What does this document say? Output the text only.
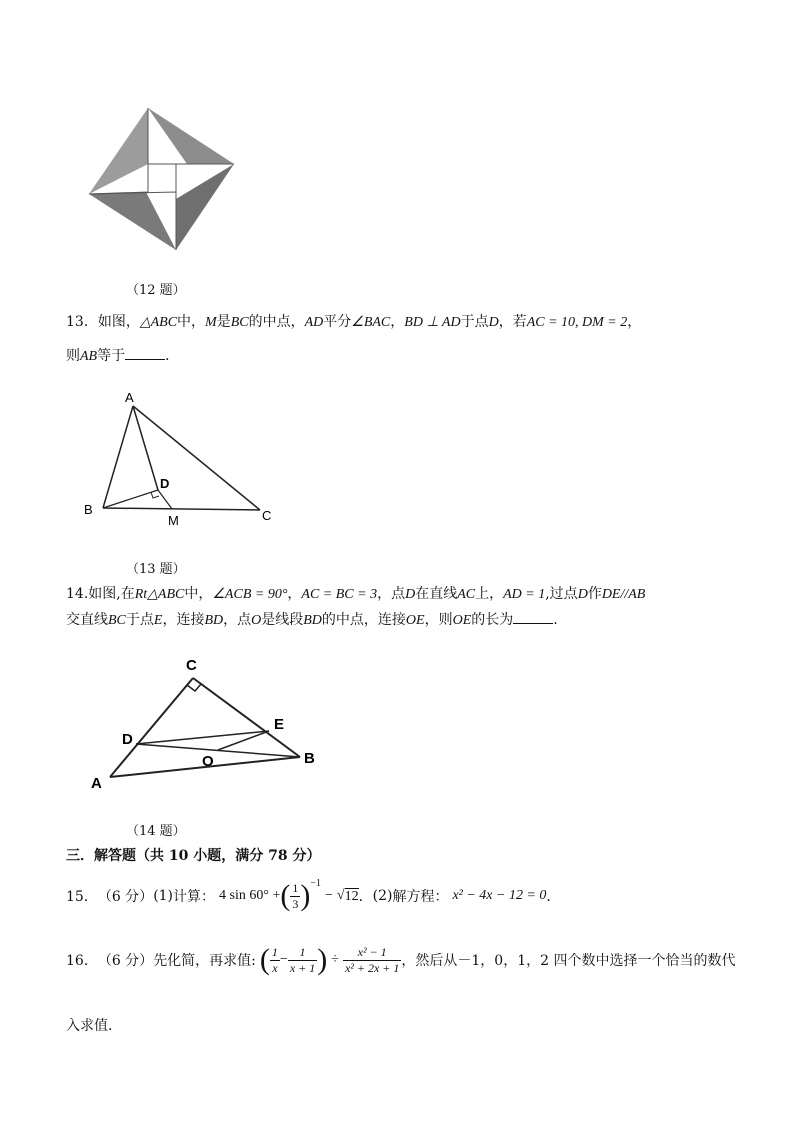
（12 题）
13．如图，△ABC中，M是BC的中点，AD平分∠BAC，BD ⊥ AD于点D，若AC = 10, DM = 2，
则AB等于	．
A
B	C
D
M
（13 题）
14.如图,在Rt△ABC中，∠ACB = 90°，AC = BC = 3，点D在直线AC上，AD = 1,过点D作DE//AB
交直线BC于点E，连接BD，点O是线段BD的中点，连接OE，则OE的长为	.
C
D
E
B
O
A
（14 题）
三．解答题（共 10 小题，满分 78 分）
15． （6 分） (1) 计算： 4 sin 60° + ( $\frac{1}{3} )^{-1}$
− √ 12 ． (2) 解方程： x² − 4x − 12 = 0 ．
16． （6 分） 先化简，再求值: ( $\frac{1}{x} - \frac{1}{x + 1}$ ) ÷ $\frac{\text{x² − 1}}{\text{x² + 2x + 1}}$ ，然后从－1，0，1，2 四个数中选择一个恰当的数代
入求值．
